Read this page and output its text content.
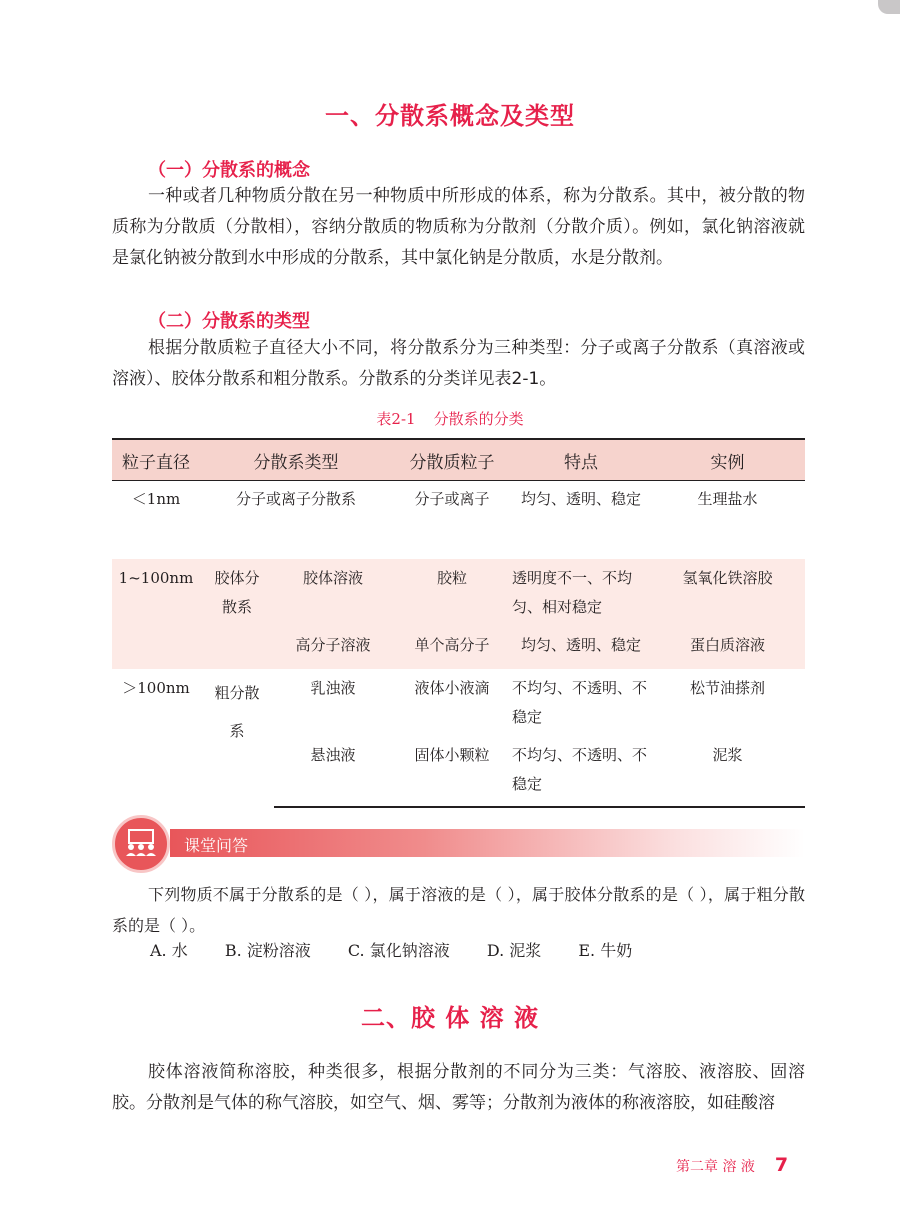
一、分散系概念及类型
（一）分散系的概念

一种或者几种物质分散在另一种物质中所形成的体系，称为分散系。其中，被分散的物质称为分散质（分散相），容纳分散质的物质称为分散剂（分散介质）。例如，氯化钠溶液就是氯化钠被分散到水中形成的分散系，其中氯化钠是分散质，水是分散剂。

（二）分散系的类型

根据分散质粒子直径大小不同，将分散系分为三种类型：分子或离子分散系（真溶液或溶液）、胶体分散系和粗分散系。分散系的分类详见表2-1。

表2-1 分散系的分类
粒子直径	分散系类型		分散质粒子	特点	实例
＜1nm	分子或离子分散系		分子或离子	均匀、透明、稳定	生理盐水
1~100nm	胶体分散系	胶体溶液	胶粒	透明度不一、不均匀、相对稳定	氢氧化铁溶胶
		高分子溶液	单个高分子	均匀、透明、稳定	蛋白质溶液
＞100nm	粗分散系	乳浊液	液体小液滴	不均匀、不透明、不稳定	松节油搽剂
		悬浊液	固体小颗粒	不均匀、不透明、不稳定	泥浆
课堂问答

下列物质不属于分散系的是（ ），属于溶液的是（ ），属于胶体分散系的是（ ），属于粗分散系的是（ ）。

A. 水 B. 淀粉溶液 C. 氯化钠溶液 D. 泥浆 E. 牛奶
二、胶 体 溶 液

胶体溶液简称溶胶，种类很多，根据分散剂的不同分为三类：气溶胶、液溶胶、固溶胶。分散剂是气体的称气溶胶，如空气、烟、雾等；分散剂为液体的称液溶胶，如硅酸溶

第二章 溶 液 7
